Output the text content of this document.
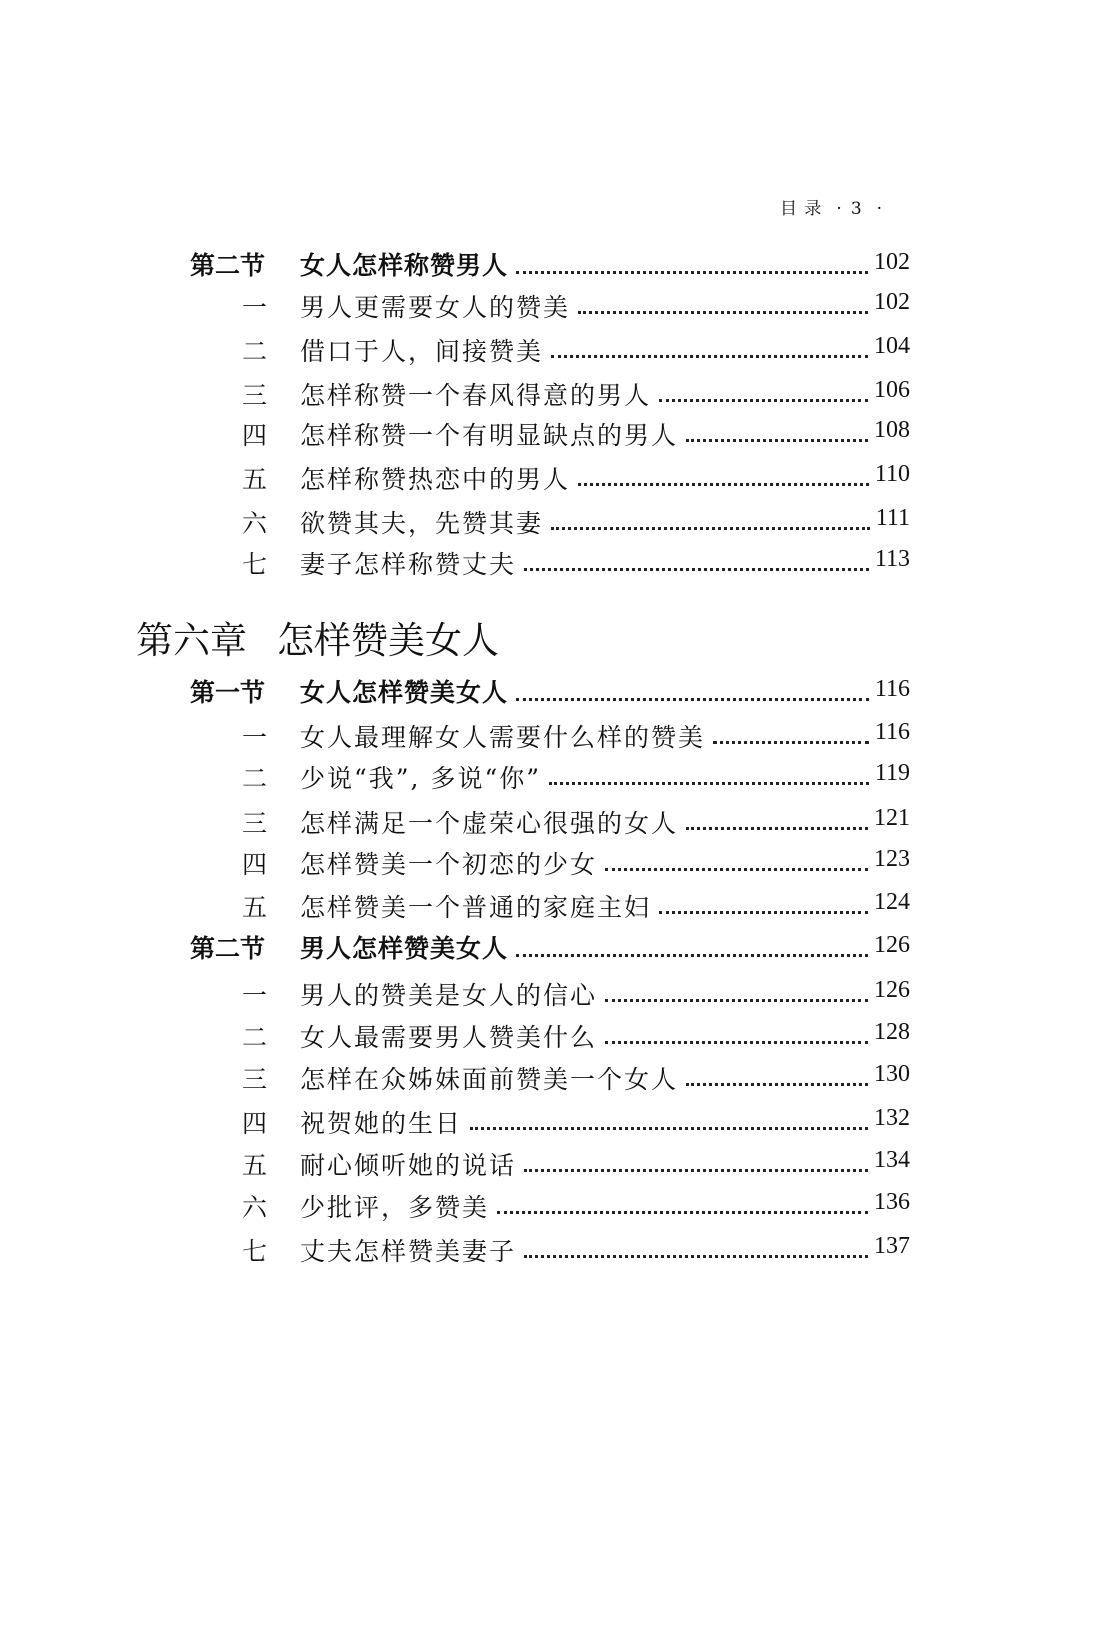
目 录 · 3 ·
第二节 女人怎样称赞男人	102
一 男人更需要女人的赞美	102
二 借口于人，间接赞美	104
三 怎样称赞一个春风得意的男人	106
四 怎样称赞一个有明显缺点的男人	108
五 怎样称赞热恋中的男人	110
六 欲赞其夫，先赞其妻	111
七 妻子怎样称赞丈夫	113
第六章 怎样赞美女人
第一节 女人怎样赞美女人	116
一 女人最理解女人需要什么样的赞美	116
二 少说“我”, 多说“你”	119
三 怎样满足一个虚荣心很强的女人	121
四 怎样赞美一个初恋的少女	123
五 怎样赞美一个普通的家庭主妇	124
第二节 男人怎样赞美女人	126
一 男人的赞美是女人的信心	126
二 女人最需要男人赞美什么	128
三 怎样在众姊妹面前赞美一个女人	130
四 祝贺她的生日	132
五 耐心倾听她的说话	134
六 少批评，多赞美	136
七 丈夫怎样赞美妻子	137
